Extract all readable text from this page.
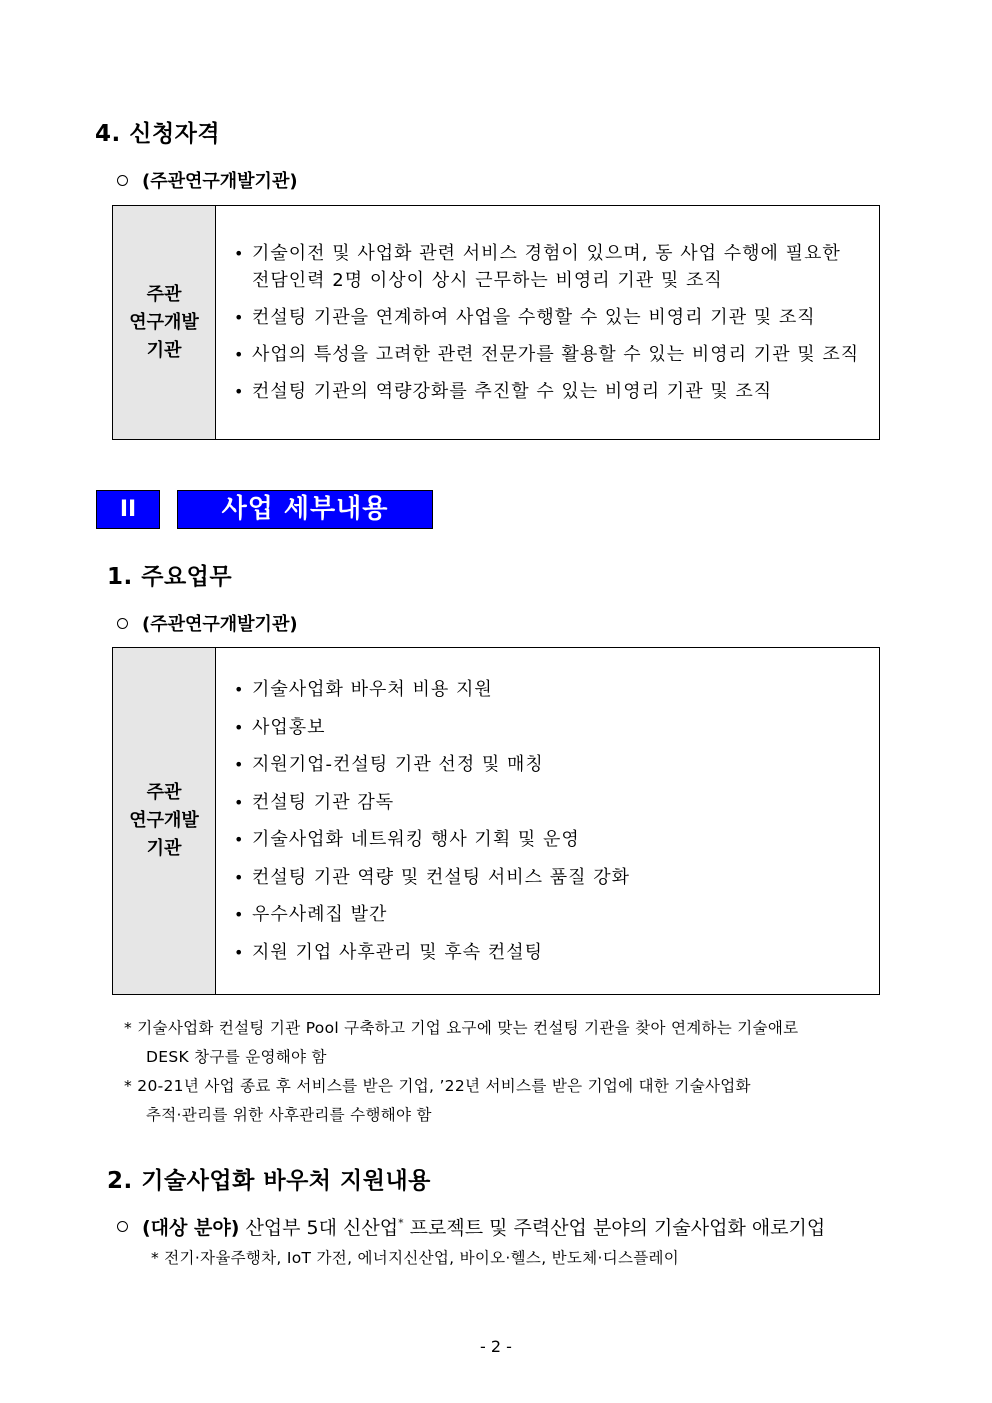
4. 신청자격
(주관연구개발기관)
주관
연구개발
기관

• 기술이전 및 사업화 관련 서비스 경험이 있으며, 동 사업 수행에 필요한
전담인력 2명 이상이 상시 근무하는 비영리 기관 및 조직
• 컨설팅 기관을 연계하여 사업을 수행할 수 있는 비영리 기관 및 조직
• 사업의 특성을 고려한 관련 전문가를 활용할 수 있는 비영리 기관 및 조직
• 컨설팅 기관의 역량강화를 추진할 수 있는 비영리 기관 및 조직
II	사업 세부내용
1. 주요업무
(주관연구개발기관)
주관
연구개발
기관

• 기술사업화 바우처 비용 지원
• 사업홍보
• 지원기업-컨설팅 기관 선정 및 매칭
• 컨설팅 기관 감독
• 기술사업화 네트워킹 행사 기획 및 운영
• 컨설팅 기관 역량 및 컨설팅 서비스 품질 강화
• 우수사례집 발간
• 지원 기업 사후관리 및 후속 컨설팅
* 기술사업화 컨설팅 기관 Pool 구축하고 기업 요구에 맞는 컨설팅 기관을 찾아 연계하는 기술애로
DESK 창구를 운영해야 함
* 20-21년 사업 종료 후 서비스를 받은 기업, ’22년 서비스를 받은 기업에 대한 기술사업화
추적·관리를 위한 사후관리를 수행해야 함
2. 기술사업화 바우처 지원내용
(대상 분야) 산업부 5대 신산업* 프로젝트 및 주력산업 분야의 기술사업화 애로기업
* 전기·자율주행차, IoT 가전, 에너지신산업, 바이오·헬스, 반도체·디스플레이
- 2 -
